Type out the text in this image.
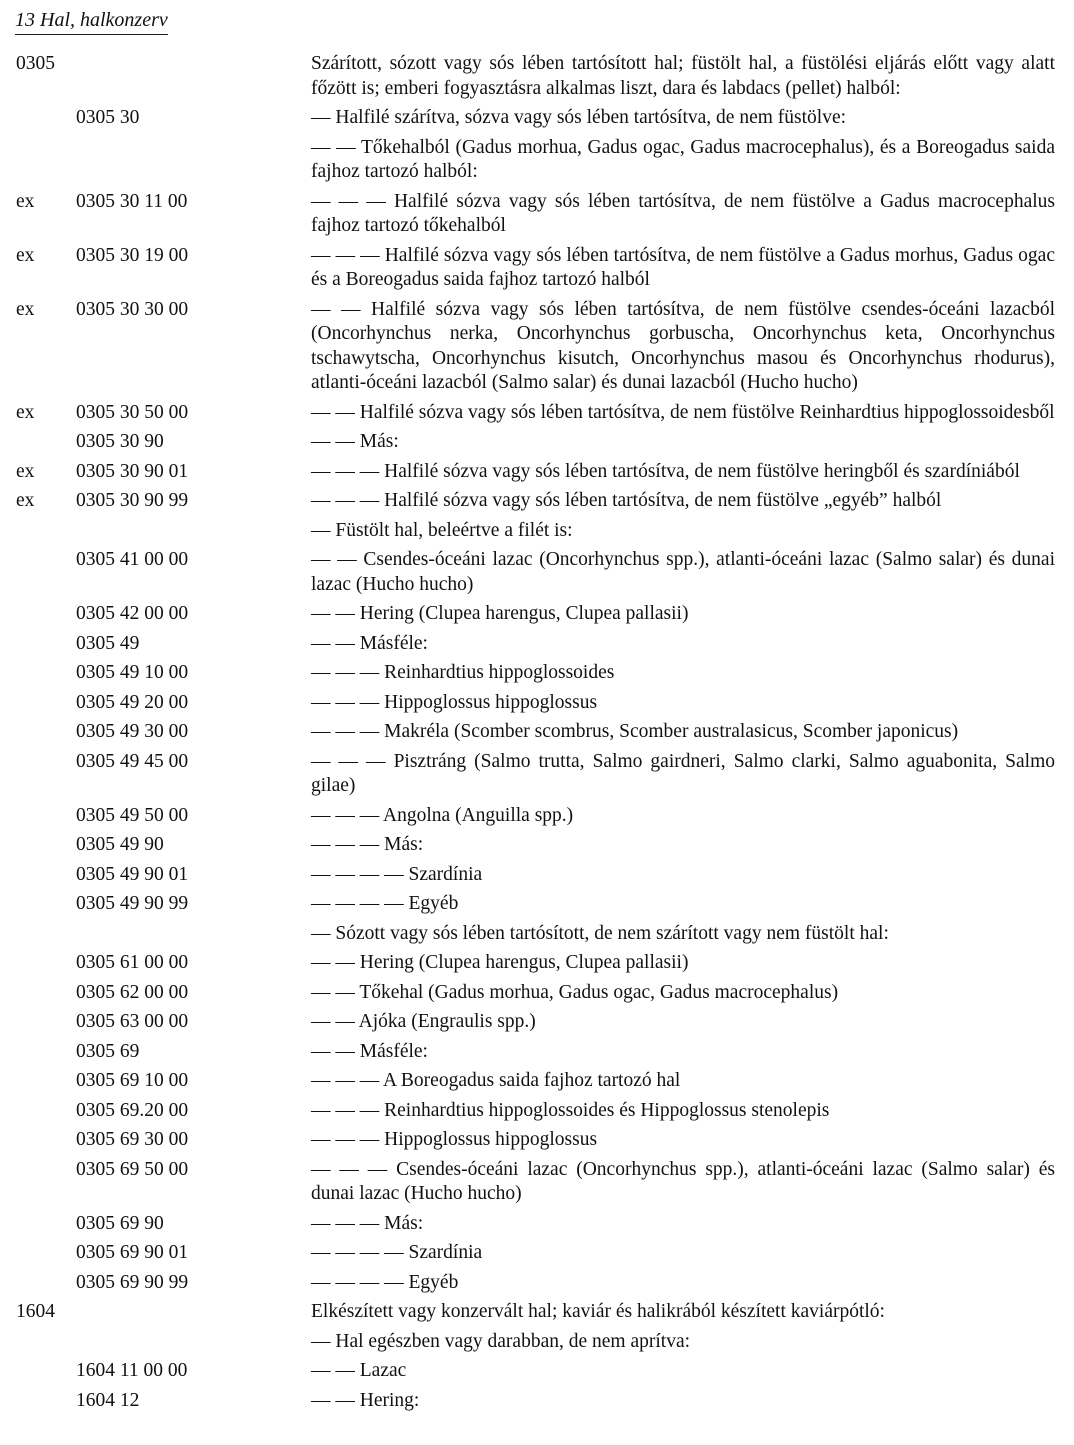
13 Hal, halkonzerv
0305	Szárított, sózott vagy sós lében tartósított hal; füstölt hal, a füstölési eljárás előtt vagy alatt főzött is; emberi fogyasztásra alkalmas liszt, dara és labdacs (pellet) halból:
0305 30	— Halfilé szárítva, sózva vagy sós lében tartósítva, de nem füstölve:
— — Tőkehalból (Gadus morhua, Gadus ogac, Gadus macrocephalus), és a Boreogadus saida fajhoz tartozó halból:
ex 0305 30 11 00	— — — Halfilé sózva vagy sós lében tartósítva, de nem füstölve a Gadus macrocephalus fajhoz tartozó tőkehalból
ex 0305 30 19 00	— — — Halfilé sózva vagy sós lében tartósítva, de nem füstölve a Gadus morhus, Gadus ogac és a Boreogadus saida fajhoz tartozó halból
ex 0305 30 30 00	— — Halfilé sózva vagy sós lében tartósítva, de nem füstölve csendes-óceáni lazacból (Oncorhynchus nerka, Oncorhynchus gorbuscha, Oncorhynchus keta, Oncorhynchus tschawytscha, Oncorhynchus kisutch, Oncorhynchus masou és Oncorhynchus rhodurus), atlanti-óceáni lazacból (Salmo salar) és dunai lazacból (Hucho hucho)
ex 0305 30 50 00	— — Halfilé sózva vagy sós lében tartósítva, de nem füstölve Reinhardtius hippoglossoidesből
0305 30 90	— — Más:
ex 0305 30 90 01	— — — Halfilé sózva vagy sós lében tartósítva, de nem füstölve heringből és szardíniából
ex 0305 30 90 99	— — — Halfilé sózva vagy sós lében tartósítva, de nem füstölve „egyéb” halból
— Füstölt hal, beleértve a filét is:
0305 41 00 00	— — Csendes-óceáni lazac (Oncorhynchus spp.), atlanti-óceáni lazac (Salmo salar) és dunai lazac (Hucho hucho)
0305 42 00 00	— — Hering (Clupea harengus, Clupea pallasii)
0305 49	— — Másféle:
0305 49 10 00	— — — Reinhardtius hippoglossoides
0305 49 20 00	— — — Hippoglossus hippoglossus
0305 49 30 00	— — — Makréla (Scomber scombrus, Scomber australasicus, Scomber japonicus)
0305 49 45 00	— — — Pisztráng (Salmo trutta, Salmo gairdneri, Salmo clarki, Salmo aguabonita, Salmo gilae)
0305 49 50 00	— — — Angolna (Anguilla spp.)
0305 49 90	— — — Más:
0305 49 90 01	— — — — Szardínia
0305 49 90 99	— — — — Egyéb
— Sózott vagy sós lében tartósított, de nem szárított vagy nem füstölt hal:
0305 61 00 00	— — Hering (Clupea harengus, Clupea pallasii)
0305 62 00 00	— — Tőkehal (Gadus morhua, Gadus ogac, Gadus macrocephalus)
0305 63 00 00	— — Ajóka (Engraulis spp.)
0305 69	— — Másféle:
0305 69 10 00	— — — A Boreogadus saida fajhoz tartozó hal
0305 69.20 00	— — — Reinhardtius hippoglossoides és Hippoglossus stenolepis
0305 69 30 00	— — — Hippoglossus hippoglossus
0305 69 50 00	— — — Csendes-óceáni lazac (Oncorhynchus spp.), atlanti-óceáni lazac (Salmo salar) és dunai lazac (Hucho hucho)
0305 69 90	— — — Más:
0305 69 90 01	— — — — Szardínia
0305 69 90 99	— — — — Egyéb
1604	Elkészített vagy konzervált hal; kaviár és halikrából készített kaviárpótló:
— Hal egészben vagy darabban, de nem aprítva:
1604 11 00 00	— — Lazac
1604 12	— — Hering:
